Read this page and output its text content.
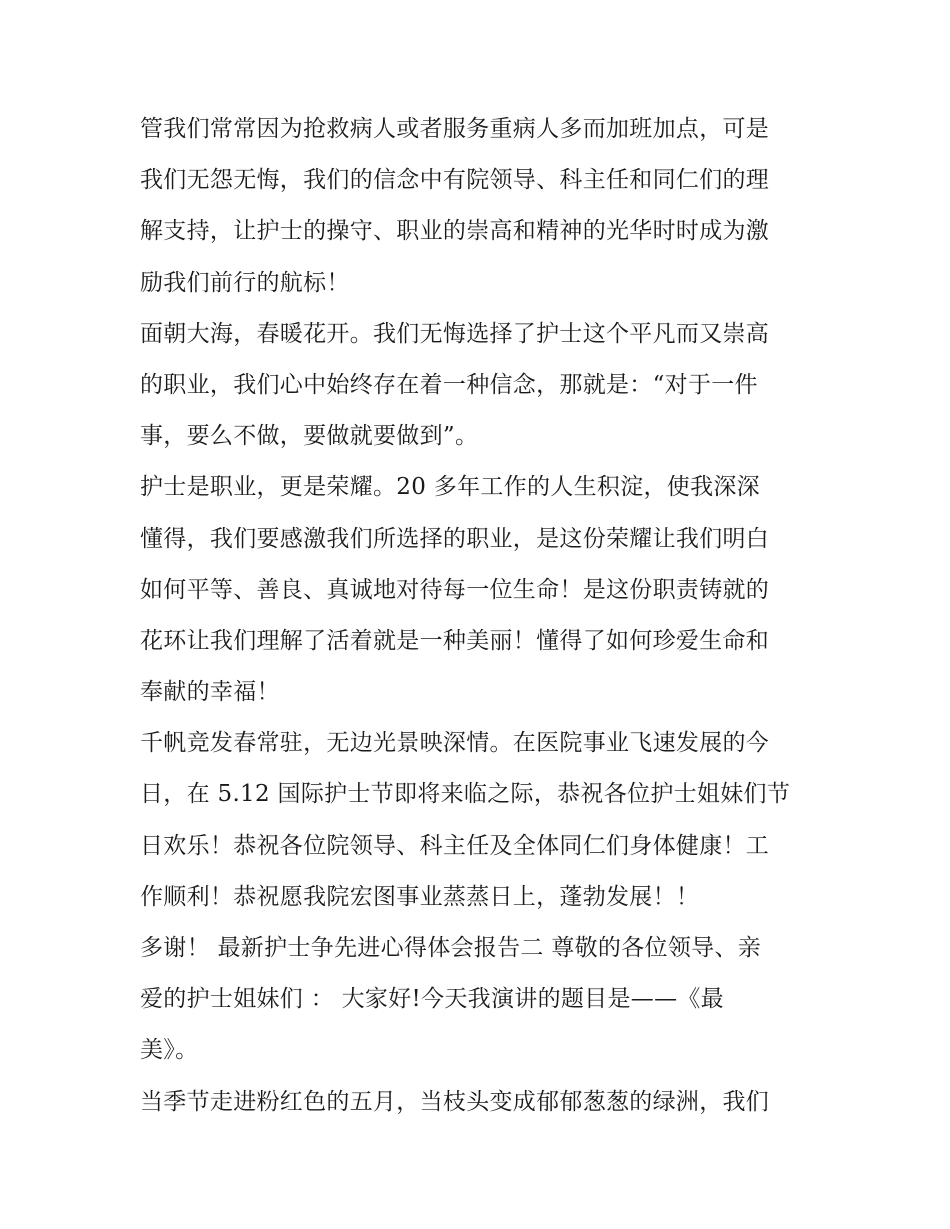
管我们常常因为抢救病人或者服务重病人多而加班加点，可是
我们无怨无悔，我们的信念中有院领导、科主任和同仁们的理
解支持，让护士的操守、职业的崇高和精神的光华时时成为激
励我们前行的航标！
面朝大海，春暖花开。我们无悔选择了护士这个平凡而又崇高
的职业，我们心中始终存在着一种信念，那就是：“对于一件
事，要么不做，要做就要做到”。
护士是职业，更是荣耀。20 多年工作的人生积淀，使我深深
懂得，我们要感激我们所选择的职业，是这份荣耀让我们明白
如何平等、善良、真诚地对待每一位生命！是这份职责铸就的
花环让我们理解了活着就是一种美丽！懂得了如何珍爱生命和
奉献的幸福！
千帆竞发春常驻，无边光景映深情。在医院事业飞速发展的今
日，在 5.12 国际护士节即将来临之际，恭祝各位护士姐妹们节
日欢乐！恭祝各位院领导、科主任及全体同仁们身体健康！工
作顺利！恭祝愿我院宏图事业蒸蒸日上，蓬勃发展！！
多谢！ 最新护士争先进心得体会报告二 尊敬的各位领导、亲
爱的护士姐妹们 ： 大家好!今天我演讲的题目是——《最
美》。
当季节走进粉红色的五月，当枝头变成郁郁葱葱的绿洲，我们
